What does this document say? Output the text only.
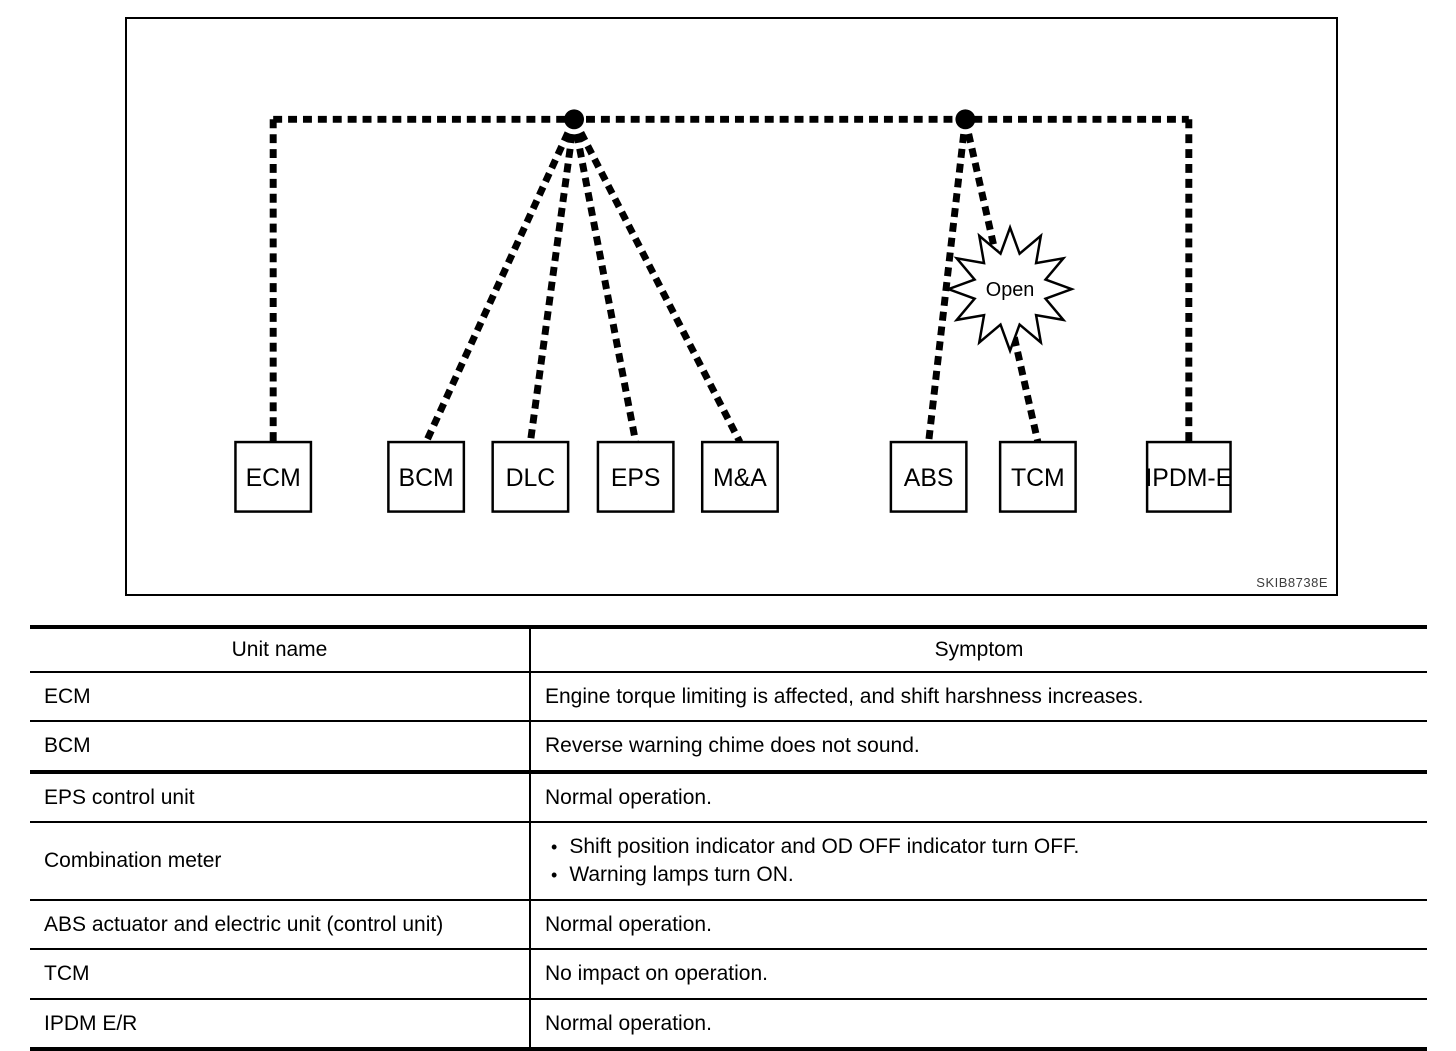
Open
ECM	BCM DLC EPS M&A	ABS TCM	IPDM-E
SKIB8738E
Unit name	Symptom
ECM	Engine torque limiting is affected, and shift harshness increases.

BCM	Reverse warning chime does not sound.

EPS control unit	Normal operation.

Combination meter	• Shift position indicator and OD OFF indicator turn OFF.
• Warning lamps turn ON.

ABS actuator and electric unit (control unit)	Normal operation.

TCM	No impact on operation.

IPDM E/R	Normal operation.
